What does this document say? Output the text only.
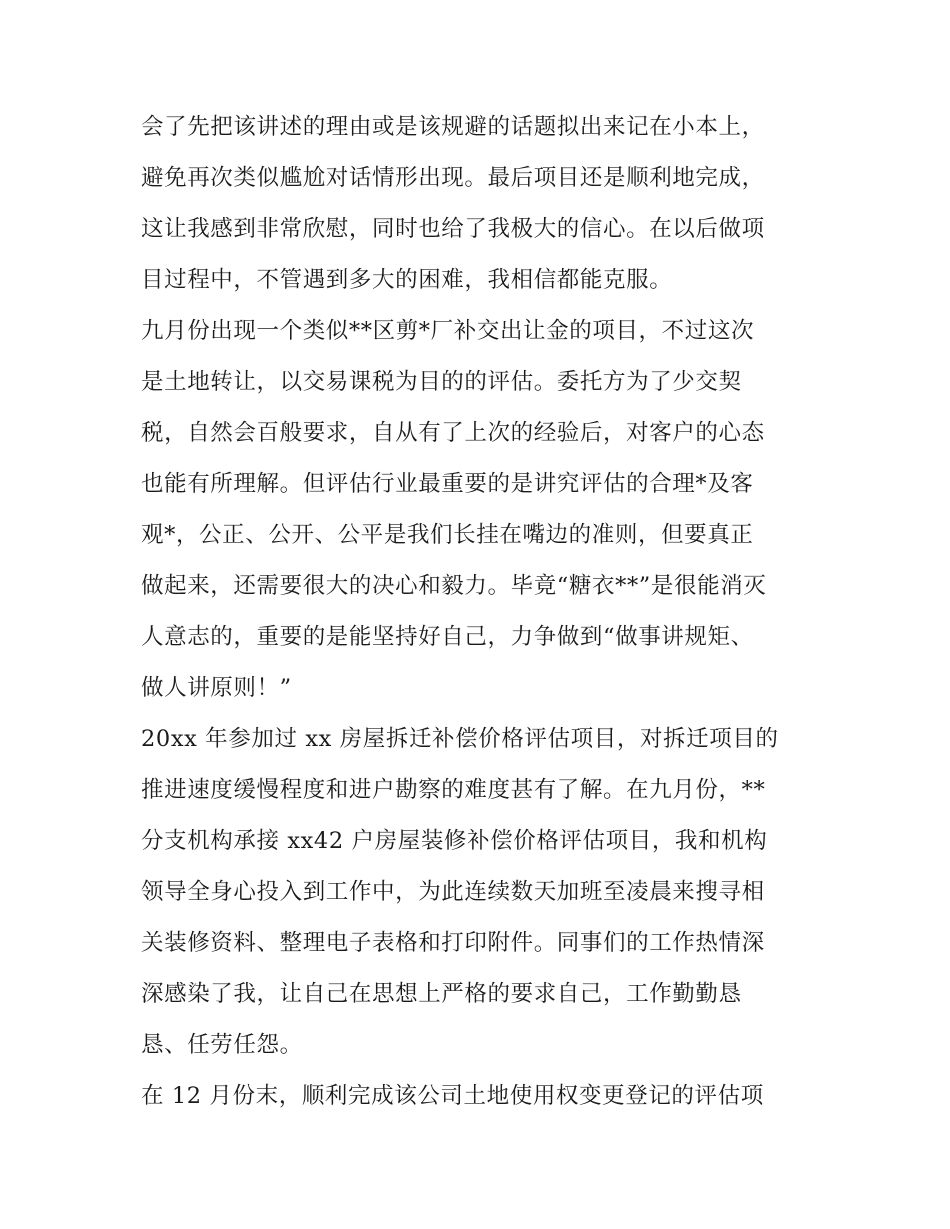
会了先把该讲述的理由或是该规避的话题拟出来记在小本上，
避免再次类似尴尬对话情形出现。最后项目还是顺利地完成，
这让我感到非常欣慰，同时也给了我极大的信心。在以后做项
目过程中，不管遇到多大的困难，我相信都能克服。
九月份出现一个类似**区剪*厂补交出让金的项目，不过这次
是土地转让，以交易课税为目的的评估。委托方为了少交契
税，自然会百般要求，自从有了上次的经验后，对客户的心态
也能有所理解。但评估行业最重要的是讲究评估的合理*及客
观*，公正、公开、公平是我们长挂在嘴边的准则，但要真正
做起来，还需要很大的决心和毅力。毕竟“糖衣**”是很能消灭
人意志的，重要的是能坚持好自己，力争做到“做事讲规矩、
做人讲原则！”
20xx 年参加过 xx 房屋拆迁补偿价格评估项目，对拆迁项目的
推进速度缓慢程度和进户勘察的难度甚有了解。在九月份，**
分支机构承接 xx42 户房屋装修补偿价格评估项目，我和机构
领导全身心投入到工作中，为此连续数天加班至凌晨来搜寻相
关装修资料、整理电子表格和打印附件。同事们的工作热情深
深感染了我，让自己在思想上严格的要求自己，工作勤勤恳
恳、任劳任怨。
在 12 月份末，顺利完成该公司土地使用权变更登记的评估项
